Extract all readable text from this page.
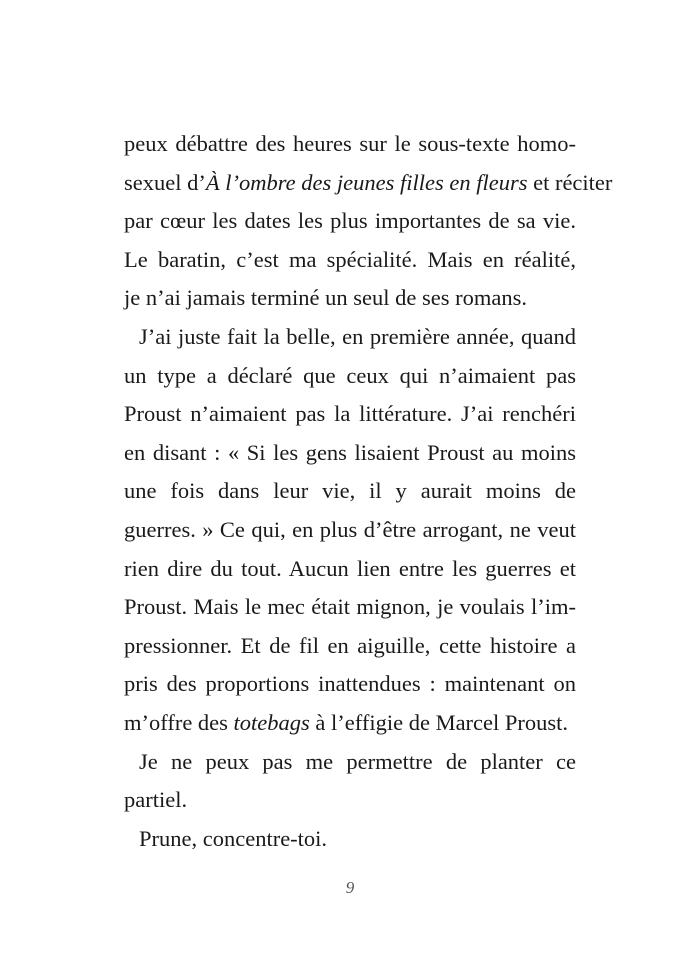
peux débattre des heures sur le sous-texte homo-
sexuel d’À l’ombre des jeunes filles en fleurs et réciter
par cœur les dates les plus importantes de sa vie.
Le baratin, c’est ma spécialité. Mais en réalité,
je n’ai jamais terminé un seul de ses romans.
J’ai juste fait la belle, en première année, quand
un type a déclaré que ceux qui n’aimaient pas
Proust n’aimaient pas la littérature. J’ai renchéri
en disant : « Si les gens lisaient Proust au moins
une fois dans leur vie, il y aurait moins de
guerres. » Ce qui, en plus d’être arrogant, ne veut
rien dire du tout. Aucun lien entre les guerres et
Proust. Mais le mec était mignon, je voulais l’im-
pressionner. Et de fil en aiguille, cette histoire a
pris des proportions inattendues : maintenant on
m’offre des totebags à l’effigie de Marcel Proust.
Je ne peux pas me permettre de planter ce
partiel.
Prune, concentre-toi.
9
